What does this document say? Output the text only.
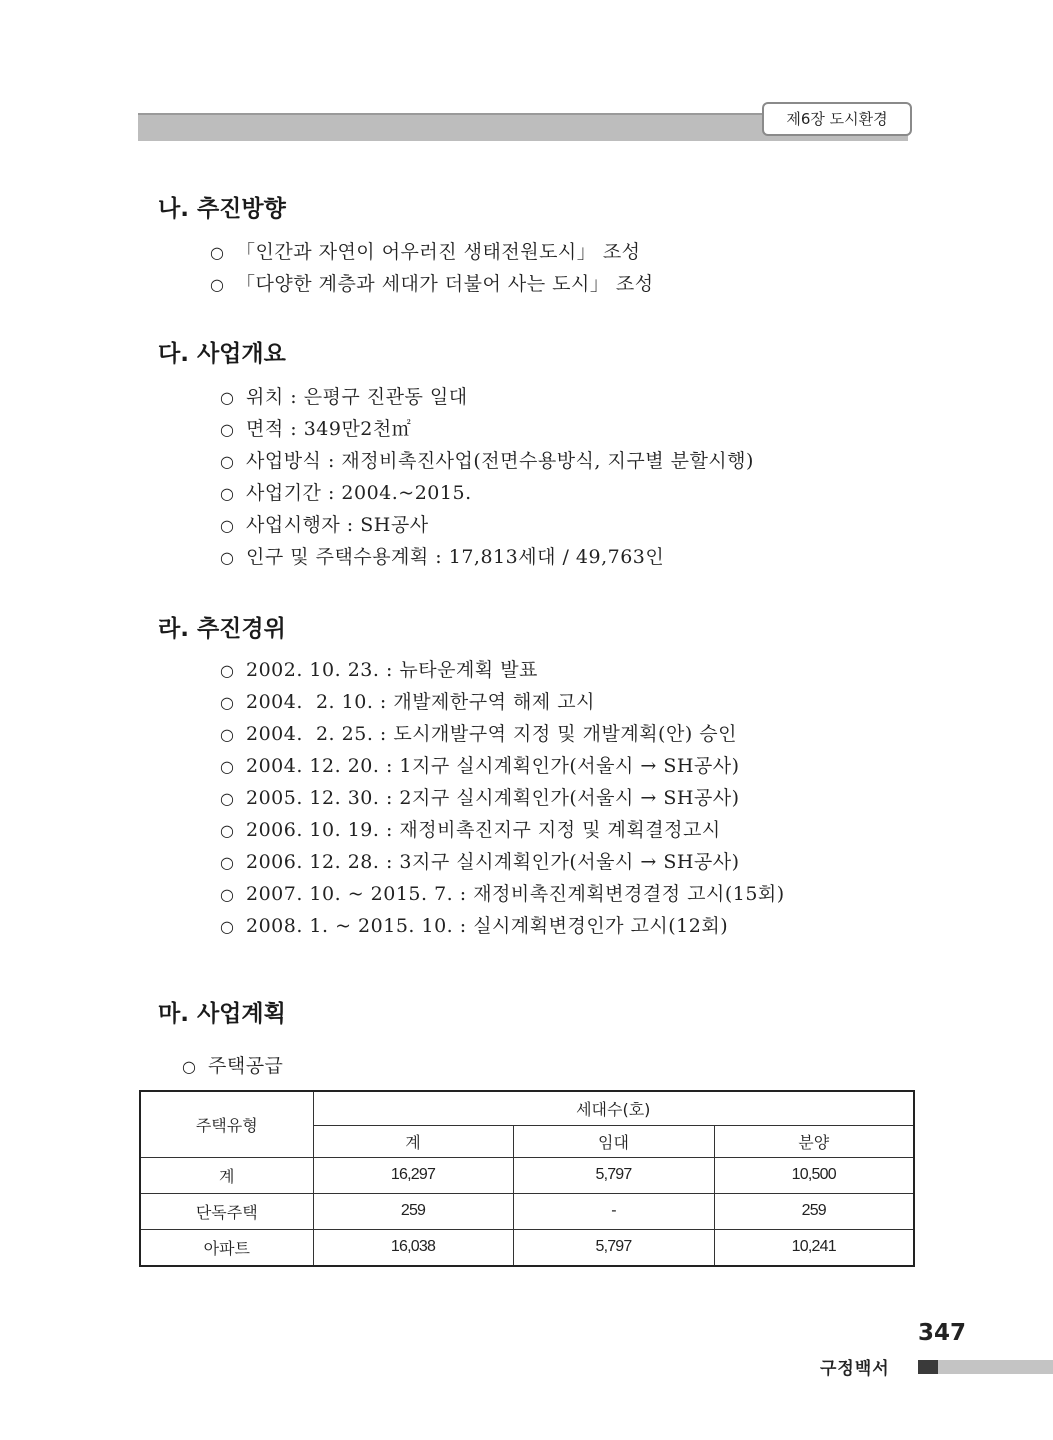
제6장 도시환경
나. 추진방향
○ 「인간과 자연이 어우러진 생태전원도시」 조성
○ 「다양한 계층과 세대가 더불어 사는 도시」 조성
다. 사업개요
○ 위치 : 은평구 진관동 일대
○ 면적 : 349만2천㎡
○ 사업방식 : 재정비촉진사업(전면수용방식, 지구별 분할시행)
○ 사업기간 : 2004.~2015.
○ 사업시행자 : SH공사
○ 인구 및 주택수용계획 : 17,813세대 / 49,763인
라. 추진경위
○ 2002. 10. 23. : 뉴타운계획 발표
○ 2004.  2. 10. : 개발제한구역 해제 고시
○ 2004.  2. 25. : 도시개발구역 지정 및 개발계획(안) 승인
○ 2004. 12. 20. : 1지구 실시계획인가(서울시 → SH공사)
○ 2005. 12. 30. : 2지구 실시계획인가(서울시 → SH공사)
○ 2006. 10. 19. : 재정비촉진지구 지정 및 계획결정고시
○ 2006. 12. 28. : 3지구 실시계획인가(서울시 → SH공사)
○ 2007. 10. ~ 2015. 7. : 재정비촉진계획변경결정 고시(15회)
○ 2008. 1. ~ 2015. 10. : 실시계획변경인가 고시(12회)
마. 사업계획
○ 주택공급
주택유형	세대수(호)		
	계	임대	분양
계	16,297	5,797	10,500
단독주택	259	-	259
아파트	16,038	5,797	10,241
347
구정백서
